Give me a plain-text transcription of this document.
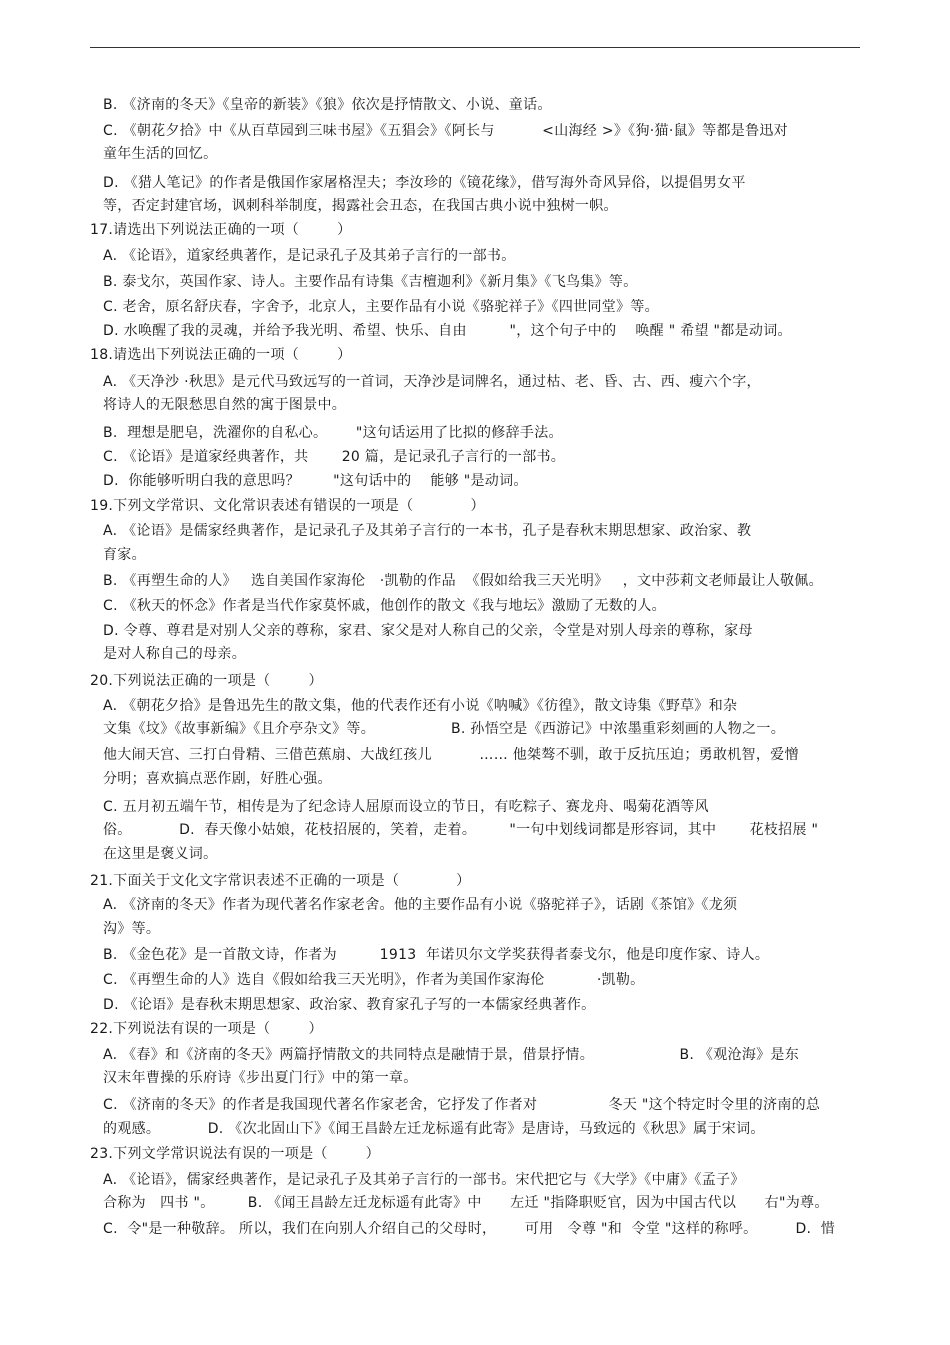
B. 《济南的冬天》《皇帝的新装》《狼》依次是抒情散文、小说、童话。
C. 《朝花夕拾》中《从百草园到三味书屋》《五猖会》《阿长与          <山海经 >》《狗·猫·鼠》等都是鲁迅对
童年生活的回忆。
D. 《猎人笔记》的作者是俄国作家屠格涅夫；李汝珍的《镜花缘》，借写海外奇风异俗，以提倡男女平
等，否定封建官场，讽刺科举制度，揭露社会丑态，在我国古典小说中独树一帜。
17.请选出下列说法正确的一项（        ）
A. 《论语》，道家经典著作，是记录孔子及其弟子言行的一部书。
B. 泰戈尔，英国作家、诗人。主要作品有诗集《吉檀迦利》《新月集》《飞鸟集》等。
C. 老舍，原名舒庆春，字舍予，北京人，主要作品有小说《骆驼祥子》《四世同堂》等。
D. 水唤醒了我的灵魂，并给予我光明、希望、快乐、自由         "，这个句子中的    唤醒 " 希望 "都是动词。
18.请选出下列说法正确的一项（        ）
A. 《天净沙 ·秋思》是元代马致远写的一首词，天净沙是词牌名，通过枯、老、昏、古、西、瘦六个字，
将诗人的无限愁思自然的寓于图景中。
B.  理想是肥皂，洗濯你的自私心。      "这句话运用了比拟的修辞手法。
C. 《论语》是道家经典著作，共       20 篇，是记录孔子言行的一部书。
D.  你能够听明白我的意思吗？       "这句话中的    能够 "是动词。
19.下列文学常识、文化常识表述有错误的一项是（            ）
A. 《论语》是儒家经典著作，是记录孔子及其弟子言行的一本书，孔子是春秋末期思想家、政治家、教
育家。
B. 《再塑生命的人》   选自美国作家海伦   ·凯勒的作品  《假如给我三天光明》   ，文中莎莉文老师最让人敬佩。
C. 《秋天的怀念》作者是当代作家莫怀戚，他创作的散文《我与地坛》激励了无数的人。
D. 令尊、尊君是对别人父亲的尊称，家君、家父是对人称自己的父亲，令堂是对别人母亲的尊称，家母
是对人称自己的母亲。
20.下列说法正确的一项是（        ）
A. 《朝花夕拾》是鲁迅先生的散文集，他的代表作还有小说《呐喊》《彷徨》，散文诗集《野草》和杂
文集《坟》《故事新编》《且介亭杂文》等。                B. 孙悟空是《西游记》中浓墨重彩刻画的人物之一。
他大闹天宫、三打白骨精、三借芭蕉扇、大战红孩儿          …… 他桀骜不驯，敢于反抗压迫；勇敢机智，爱憎
分明；喜欢搞点恶作剧，好胜心强。
C. 五月初五端午节，相传是为了纪念诗人屈原而设立的节日，有吃粽子、赛龙舟、喝菊花酒等风
俗。          D.  春天像小姑娘，花枝招展的，笑着，走着。       "一句中划线词都是形容词，其中       花枝招展 "
在这里是褒义词。
21.下面关于文化文字常识表述不正确的一项是（            ）
A. 《济南的冬天》作者为现代著名作家老舍。他的主要作品有小说《骆驼祥子》，话剧《茶馆》《龙须
沟》等。
B. 《金色花》是一首散文诗，作者为         1913  年诺贝尔文学奖获得者泰戈尔，他是印度作家、诗人。
C. 《再塑生命的人》选自《假如给我三天光明》，作者为美国作家海伦           ·凯勒。
D. 《论语》是春秋末期思想家、政治家、教育家孔子写的一本儒家经典著作。
22.下列说法有误的一项是（        ）
A. 《春》和《济南的冬天》两篇抒情散文的共同特点是融情于景，借景抒情。                  B. 《观沧海》是东
汉末年曹操的乐府诗《步出夏门行》中的第一章。
C. 《济南的冬天》的作者是我国现代著名作家老舍，它抒发了作者对               冬天 "这个特定时令里的济南的总
的观感。          D. 《次北固山下》《闻王昌龄左迁龙标遥有此寄》是唐诗，马致远的《秋思》属于宋词。
23.下列文学常识说法有误的一项是（        ）
A. 《论语》，儒家经典著作，是记录孔子及其弟子言行的一部书。宋代把它与《大学》《中庸》《孟子》
合称为   四书 "。       B. 《闻王昌龄左迁龙标遥有此寄》中      左迁 "指降职贬官，因为中国古代以      右"为尊。
C.  令"是一种敬辞。 所以，我们在向别人介绍自己的父母时，      可用   令尊 "和  令堂 "这样的称呼。        D.  惜
